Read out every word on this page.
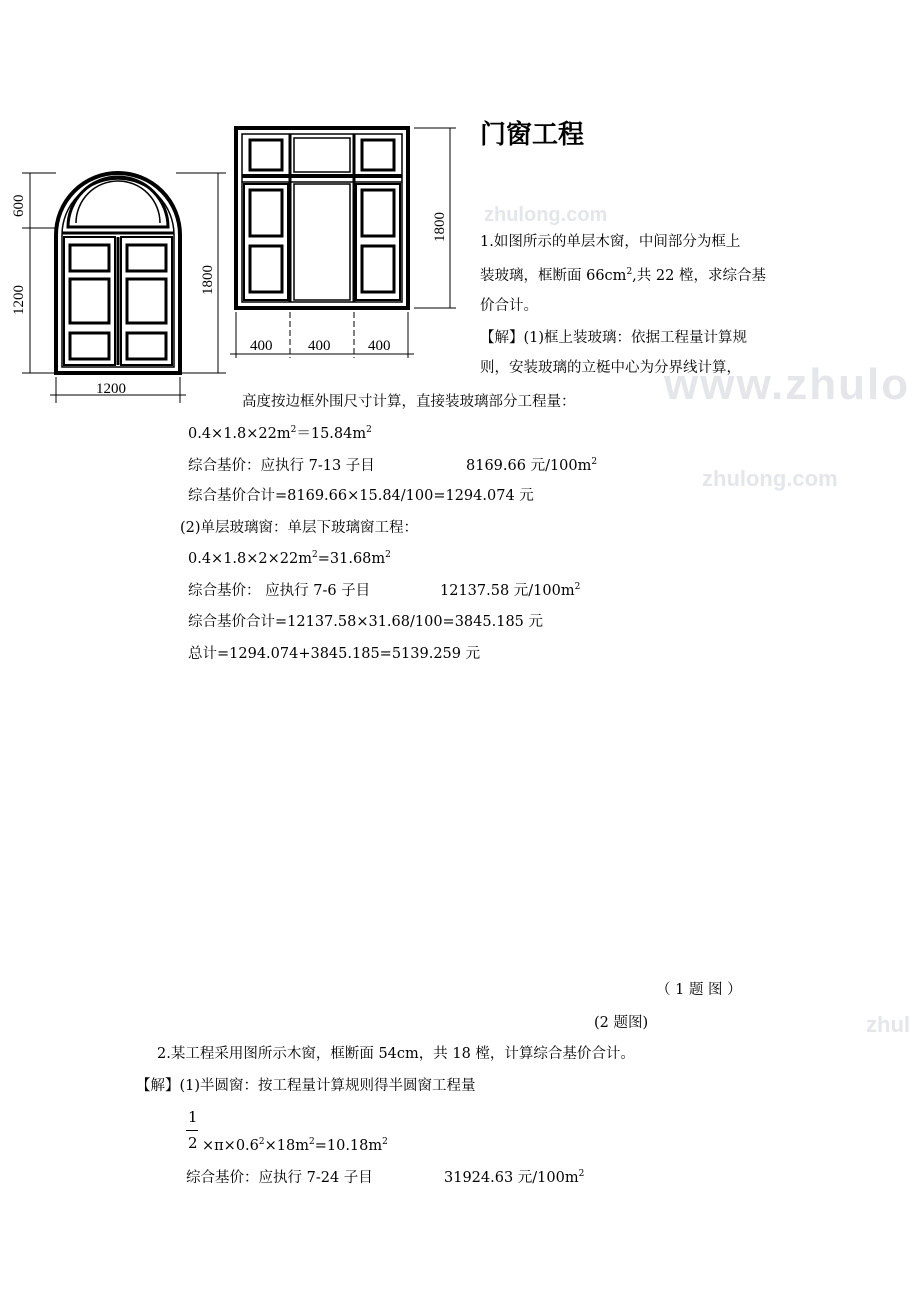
zhulong.com
www.zhulo
zhulong.com
zhul
600
1200
1800
1200
1800
400 400	400
门窗工程
1.如图所示的单层木窗，中间部分为框上
装玻璃，框断面 $66cm^2$,共 22 樘，求综合基
价合计。
【解】(1)框上装玻璃：依据工程量计算规
则，安装玻璃的立梃中心为分界线计算，
高度按边框外围尺寸计算，直接装玻璃部分工程量：
$0.4\times 1.8\times 22m^2=15.84m^2$
综合基价：应执行 7-13 子目	8169.66 元$/100m^2$
综合基价合计=8169.66×15.84/100=1294.074 元
(2)单层玻璃窗：单层下玻璃窗工程：
$0.4\times 1.8\times 2\times 22m^2=31.68m^2$
综合基价： 应执行 7-6 子目	12137.58 元$/100m^2$
综合基价合计=12137.58×31.68/100=3845.185 元
总计=1294.074+3845.185=5139.259 元
（ 1 题 图 ）
(2 题图)
2.某工程采用图所示木窗，框断面 54cm，共 18 樘，计算综合基价合计。
【解】(1)半圆窗：按工程量计算规则得半圆窗工程量
1
$2 \times\pi\times 0.6^2\times 18m^2=10.18m^2$
综合基价：应执行 7-24 子目	31924.63 元$/100m^2$
